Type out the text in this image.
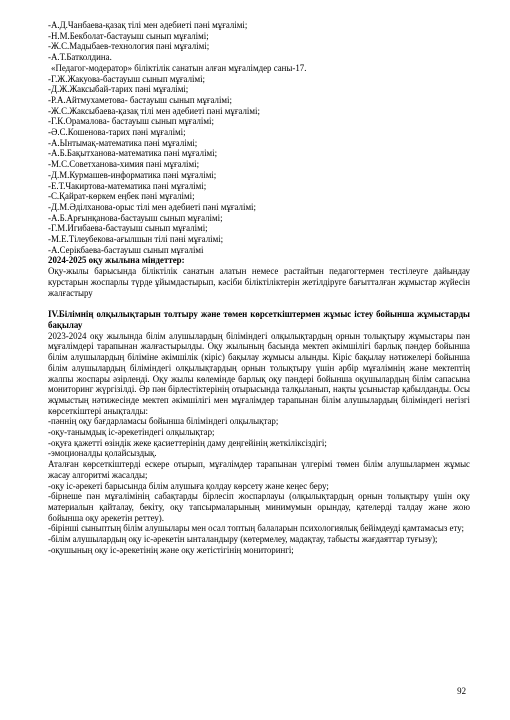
-А.Д.Чанбаева-қазақ тілі мен әдебиеті пәні мұғалімі;
-Н.М.Бекболат-бастауыш сынып мұғалімі;
-Ж.С.Мадыбаев-технология пәні мұғалімі;
-А.Т.Батколдина.
«Педагог-модератор» біліктілік санатын алған мұғалімдер саны-17.
-Г.Ж.Жакуова-бастауыш сынып мұғалімі;
-Д.Ж.Жаксыбай-тарих пәні мұғалімі;
-Р.А.Айтмухаметова- бастауыш сынып мұғалімі;
-Ж.С.Жаксыбаева-қазақ тілі мен әдебиеті пәні мұғалімі;
-Г.К.Орамалова- бастауыш сынып мұғалімі;
-Ә.С.Кошенова-тарих пәні мұғалімі;
-А.Ынтымақ-математика пәні мұғалімі;
-А.Б.Бақытханова-математика пәні мұғалімі;
-М.С.Советханова-химия пәні мұғалімі;
-Д.М.Курмашев-информатика пәні мұғалімі;
-Е.Т.Чакиртова-математика пәні мұғалімі;
-С.Қайрат-көркем еңбек пәні мұғалімі;
-Д.М.Әділханова-орыс тілі мен әдебиеті пәні мұғалімі;
-А.Б.Арғынқанова-бастауыш сынып мұғалімі;
-Г.М.Игибаева-бастауыш сынып мұғалімі;
-М.Е.Тілеубекова-ағылшын тілі пәні мұғалімі;
-А.Серікбаева-бастауыш сынып мұғалімі
2024-2025 оқу жылына міндеттер:
Оқу-жылы барысында біліктілік санатын алатын немесе растайтын педагогтермен тестілеуге дайындау курстарын жоспарлы түрде ұйымдастырып, кәсіби біліктіліктерін жетілдіруге бағытталған жұмыстар жүйесін жалғастыру
IV.Білімнің олқылықтарын толтыру және төмен көрсеткіштермен жұмыс істеу бойынша жұмыстарды бақылау
2023-2024 оқу жылында білім алушылардың біліміндегі олқылықтардың орнын толықтыру жұмыстары пән мұғалімдері тарапынан жалғастырылды. Оқу жылының басында мектеп әкімшілігі барлық пәндер бойынша білім алушылардың біліміне әкімшілік (кіріс) бақылау жұмысы алынды. Кіріс бақылау нәтижелері бойынша білім алушылардың біліміндегі олқылықтардың орнын толықтыру үшін әрбір мұғалімнің және мектептің жалпы жоспары әзірленді. Оқу жылы көлемінде барлық оқу пәндері бойынша оқушылардың білім сапасына мониторинг жүргізілді. Әр пән бірлестіктерінің отырысында талқыланып, нақты ұсыныстар қабылданды. Осы жұмыстың нәтижесінде мектеп әкімшілігі мен мұғалімдер тарапынан білім алушылардың біліміндегі негізгі көрсеткіштері анықталды:
-пәннің оқу бағдарламасы бойынша біліміндегі олқылықтар;
-оқу-танымдық іс-әрекетіндегі олқылықтар;
-оқуға қажетті өзіндік жеке қасиеттерінің даму деңгейінің жеткіліксіздігі;
-эмоционалды қолайсыздық.
Аталған көрсеткіштерді ескере отырып, мұғалімдер тарапынан үлгерімі төмен білім алушылармен жұмыс жасау алгоритмі жасалды;
-оқу іс-әрекеті барысында білім алушыға қолдау көрсету және кеңес беру;
-бірнеше пән мұғалімінің сабақтарды бірлесіп жоспарлауы (олқылықтардың орнын толықтыру үшін оқу материалын қайталау, бекіту, оқу тапсырмаларының минимумын орындау, қателерді талдау және жою бойынша оқу әрекетін реттеу).
-бірінші сыныптың білім алушылары мен осал топтың балаларын психологиялық бейімдеуді қамтамасыз ету;
-білім алушылардың оқу іс-әрекетін ынталандыру (көтермелеу, мадақтау, табысты жағдаяттар туғызу);
-оқушының оқу іс-әрекетінің және оқу жетістігінің мониторингі;
92
